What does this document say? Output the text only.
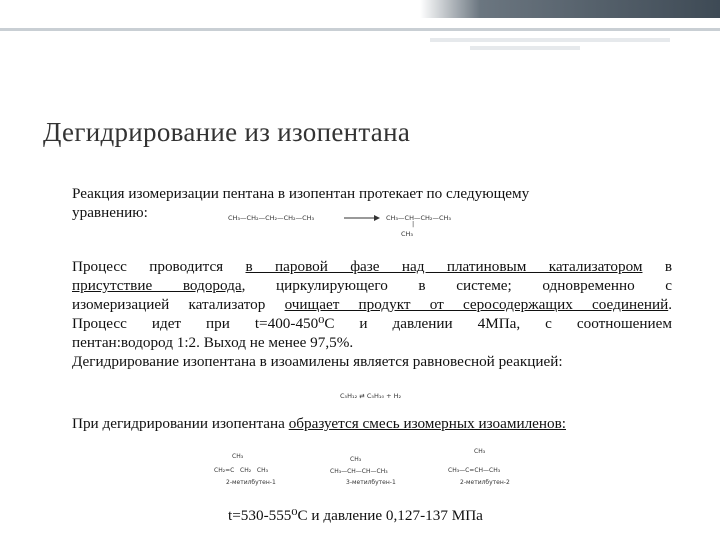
Дегидрирование из изопентана

Реакция изомеризации пентана в изопентан протекает по следующему

уравнению:	CH₃—CH₂—CH₂—CH₂—CH₃ → CH₃—CH—CH₂—CH₃
|
CH₃

Процесс проводится в паровой фазе над платиновым катализатором в

присутствие водорода, циркулирующего в системе; одновременно с

изомеризацией катализатор очищает продукт от серосодержащих соединений.

Процесс идет при t=400-450⁰С и давлении 4МПа, с соотношением

пентан:водород 1:2. Выход не менее 97,5%.

Дегидрирование изопентана в изоамилены является равновесной реакцией:

C₅H₁₂ ⇄ C₅H₁₀ + H₂

При дегидрировании изопентана образуется смесь изомерных изоамиленов:

CH₃
CH₂=C   CH₂   CH₃
2-метилбутен-1
CH₃
CH₃—CH—CH—CH₃
3-метилбутен-1
CH₃
CH₃—C=CH—CH₃
2-метилбутен-2
t=530-555⁰С и давление 0,127-137 МПа
